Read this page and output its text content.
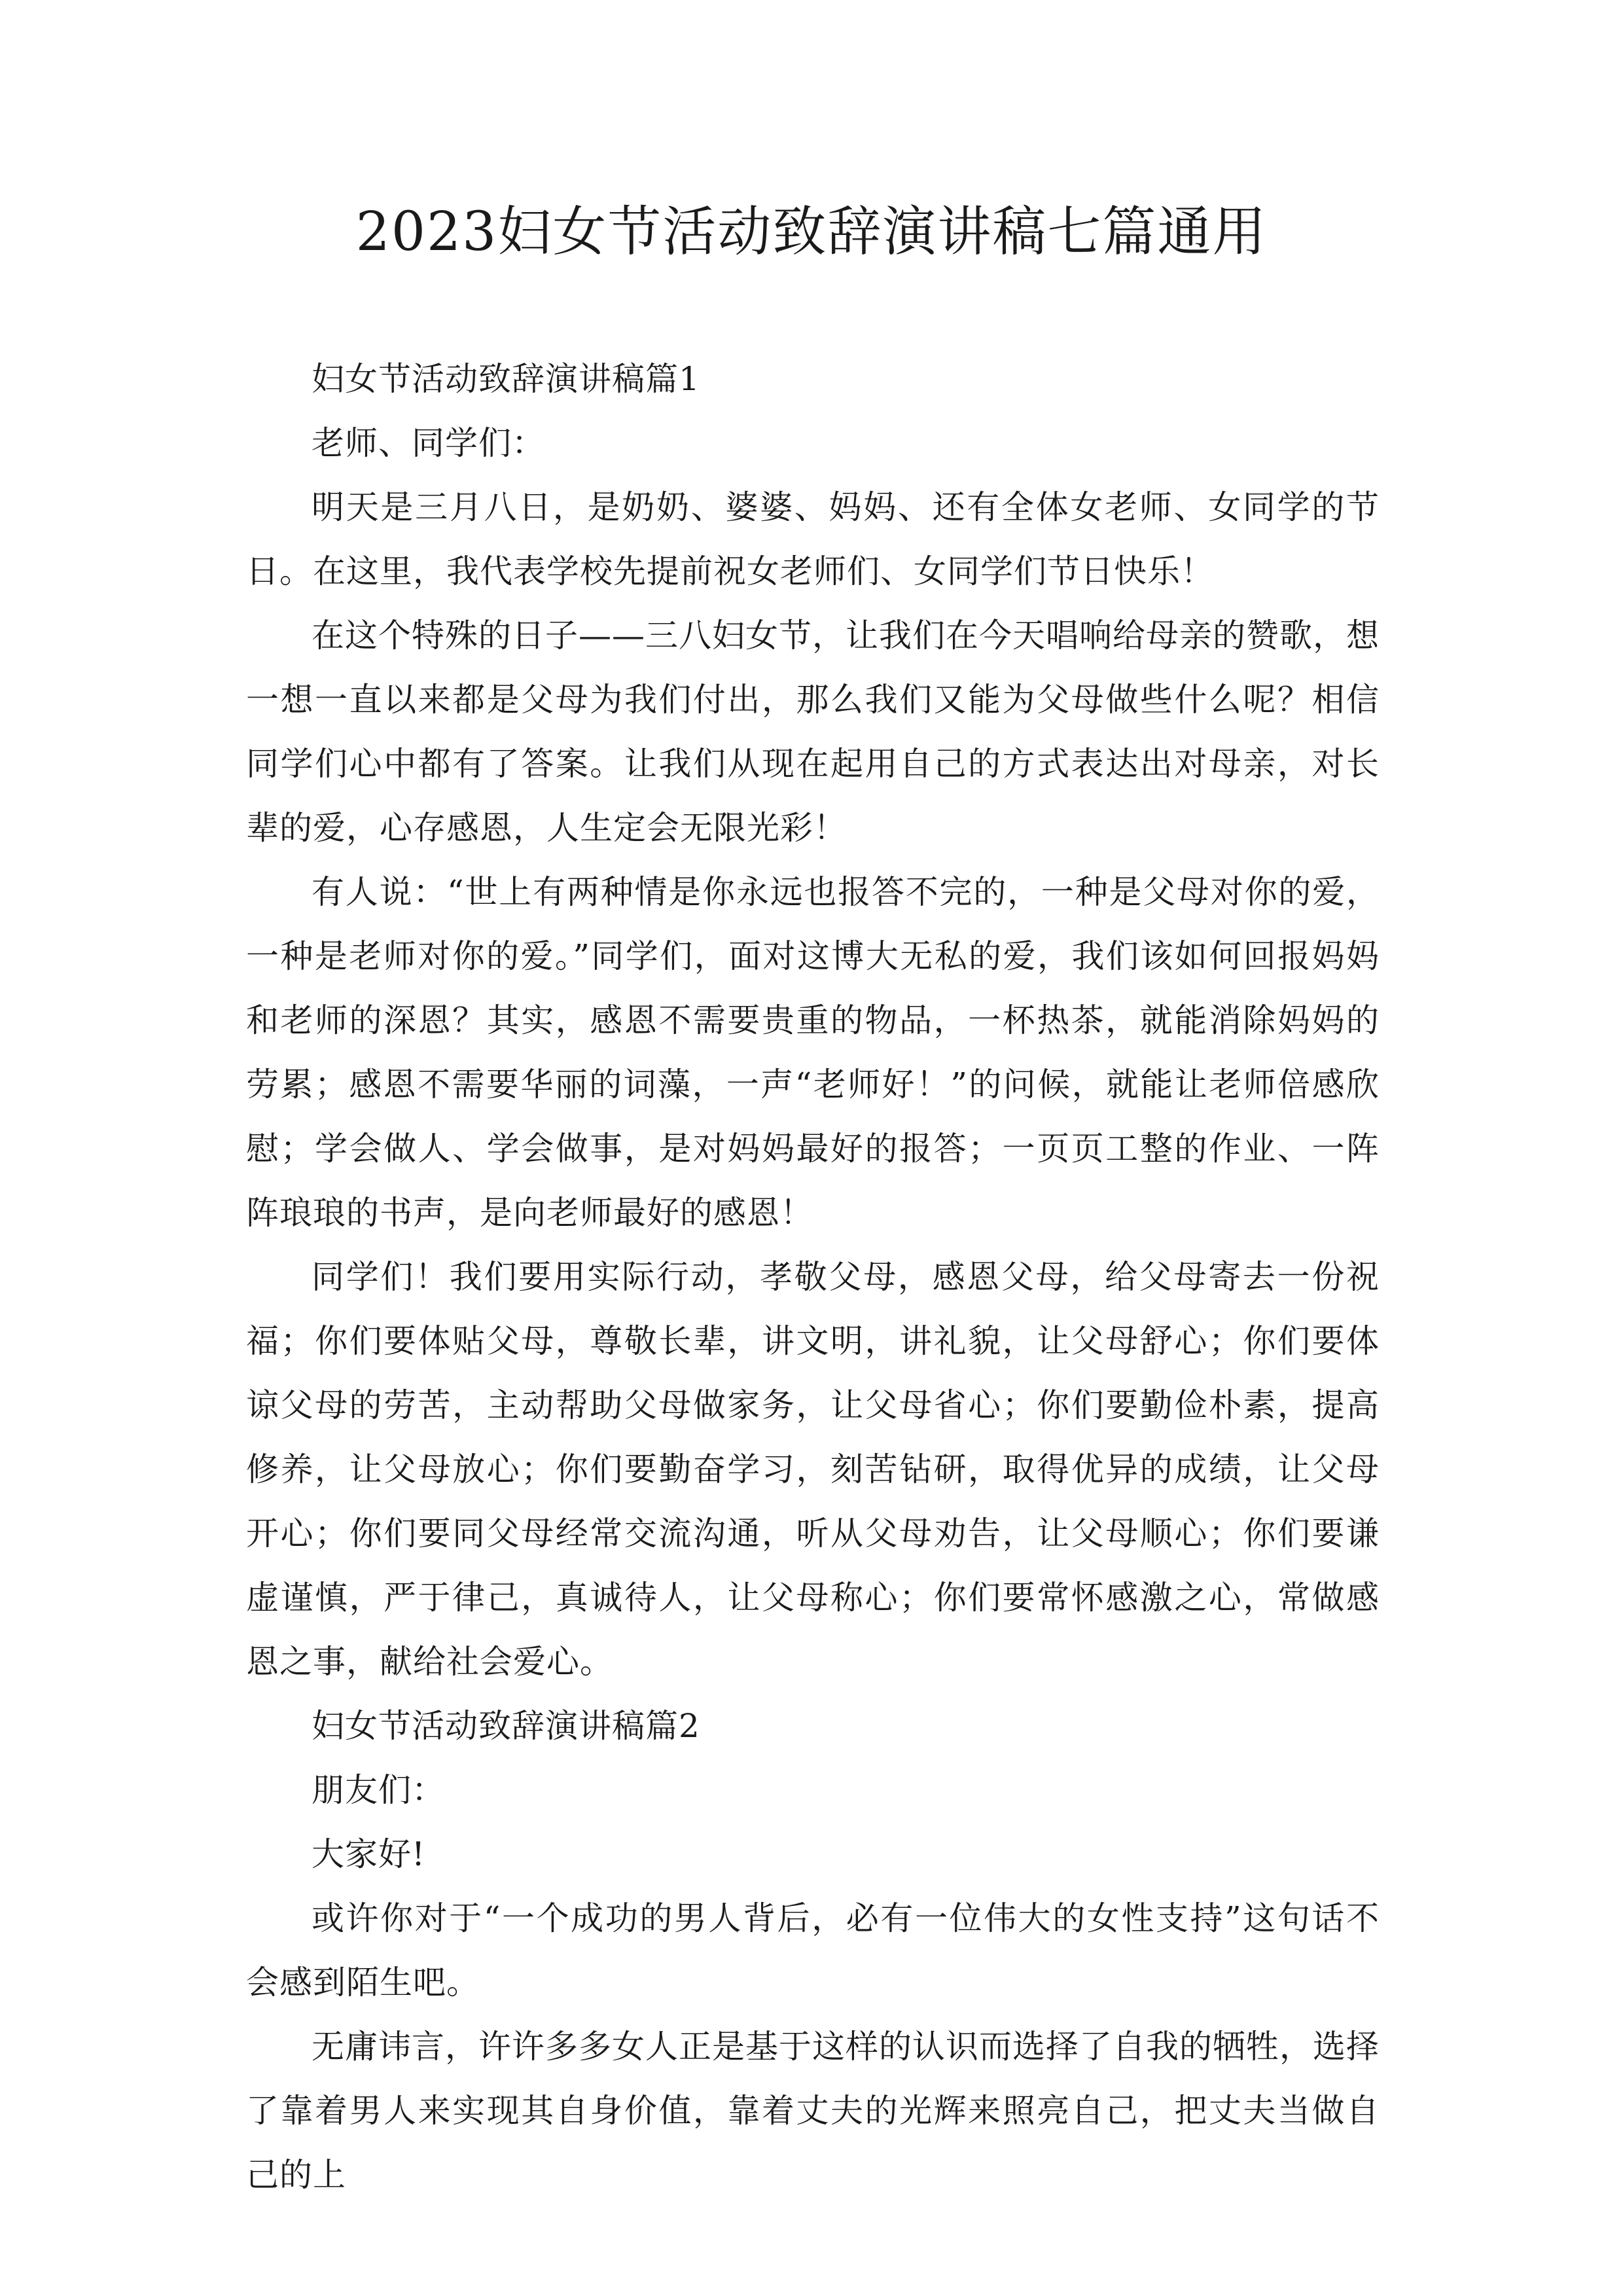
2023妇女节活动致辞演讲稿七篇通用

妇女节活动致辞演讲稿篇1

老师、同学们：

明天是三月八日，是奶奶、婆婆、妈妈、还有全体女老师、女同学的节日。在这里，我代表学校先提前祝女老师们、女同学们节日快乐！

在这个特殊的日子——三八妇女节，让我们在今天唱响给母亲的赞歌，想一想一直以来都是父母为我们付出，那么我们又能为父母做些什么呢？相信同学们心中都有了答案。让我们从现在起用自己的方式表达出对母亲，对长辈的爱，心存感恩，人生定会无限光彩！

有人说：“世上有两种情是你永远也报答不完的，一种是父母对你的爱，一种是老师对你的爱。”同学们，面对这博大无私的爱，我们该如何回报妈妈和老师的深恩？其实，感恩不需要贵重的物品，一杯热茶，就能消除妈妈的劳累；感恩不需要华丽的词藻，一声“老师好！”的问候，就能让老师倍感欣慰；学会做人、学会做事，是对妈妈最好的报答；一页页工整的作业、一阵阵琅琅的书声，是向老师最好的感恩！

同学们！我们要用实际行动，孝敬父母，感恩父母，给父母寄去一份祝福；你们要体贴父母，尊敬长辈，讲文明，讲礼貌，让父母舒心；你们要体谅父母的劳苦，主动帮助父母做家务，让父母省心；你们要勤俭朴素，提高修养，让父母放心；你们要勤奋学习，刻苦钻研，取得优异的成绩，让父母开心；你们要同父母经常交流沟通，听从父母劝告，让父母顺心；你们要谦虚谨慎，严于律己，真诚待人，让父母称心；你们要常怀感激之心，常做感恩之事，献给社会爱心。

妇女节活动致辞演讲稿篇2

朋友们：

大家好!

或许你对于“一个成功的男人背后，必有一位伟大的女性支持”这句话不会感到陌生吧。

无庸讳言，许许多多女人正是基于这样的认识而选择了自我的牺牲，选择了靠着男人来实现其自身价值，靠着丈夫的光辉来照亮自己，把丈夫当做自己的上
